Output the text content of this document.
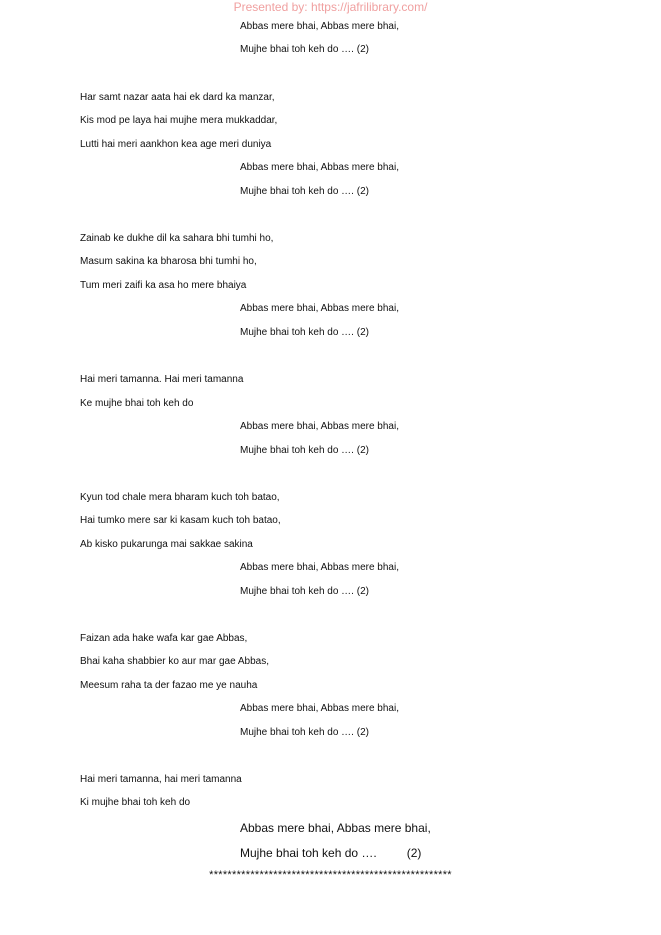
Presented by: https://jafrilibrary.com/
Abbas mere bhai, Abbas mere bhai,
Mujhe bhai toh keh do …. (2)
Har samt nazar aata hai ek dard ka manzar,
Kis mod pe laya hai mujhe mera mukkaddar,
Lutti hai meri aankhon kea age meri duniya
Abbas mere bhai, Abbas mere bhai,
Mujhe bhai toh keh do …. (2)
Zainab ke dukhe dil ka sahara bhi tumhi ho,
Masum sakina ka bharosa bhi tumhi ho,
Tum meri zaifi ka asa ho mere bhaiya
Abbas mere bhai, Abbas mere bhai,
Mujhe bhai toh keh do …. (2)
Hai meri tamanna. Hai meri tamanna
Ke mujhe bhai toh keh do
Abbas mere bhai, Abbas mere bhai,
Mujhe bhai toh keh do …. (2)
Kyun tod chale mera bharam kuch toh batao,
Hai tumko mere sar ki kasam kuch toh batao,
Ab kisko pukarunga mai sakkae sakina
Abbas mere bhai, Abbas mere bhai,
Mujhe bhai toh keh do …. (2)
Faizan ada hake wafa kar gae Abbas,
Bhai kaha shabbier ko aur mar gae Abbas,
Meesum raha ta der fazao me ye nauha
Abbas mere bhai, Abbas mere bhai,
Mujhe bhai toh keh do …. (2)
Hai meri tamanna, hai meri tamanna
Ki mujhe bhai toh keh do
Abbas mere bhai, Abbas mere bhai,
Mujhe bhai toh keh do ….	(2)
*****************************************************
